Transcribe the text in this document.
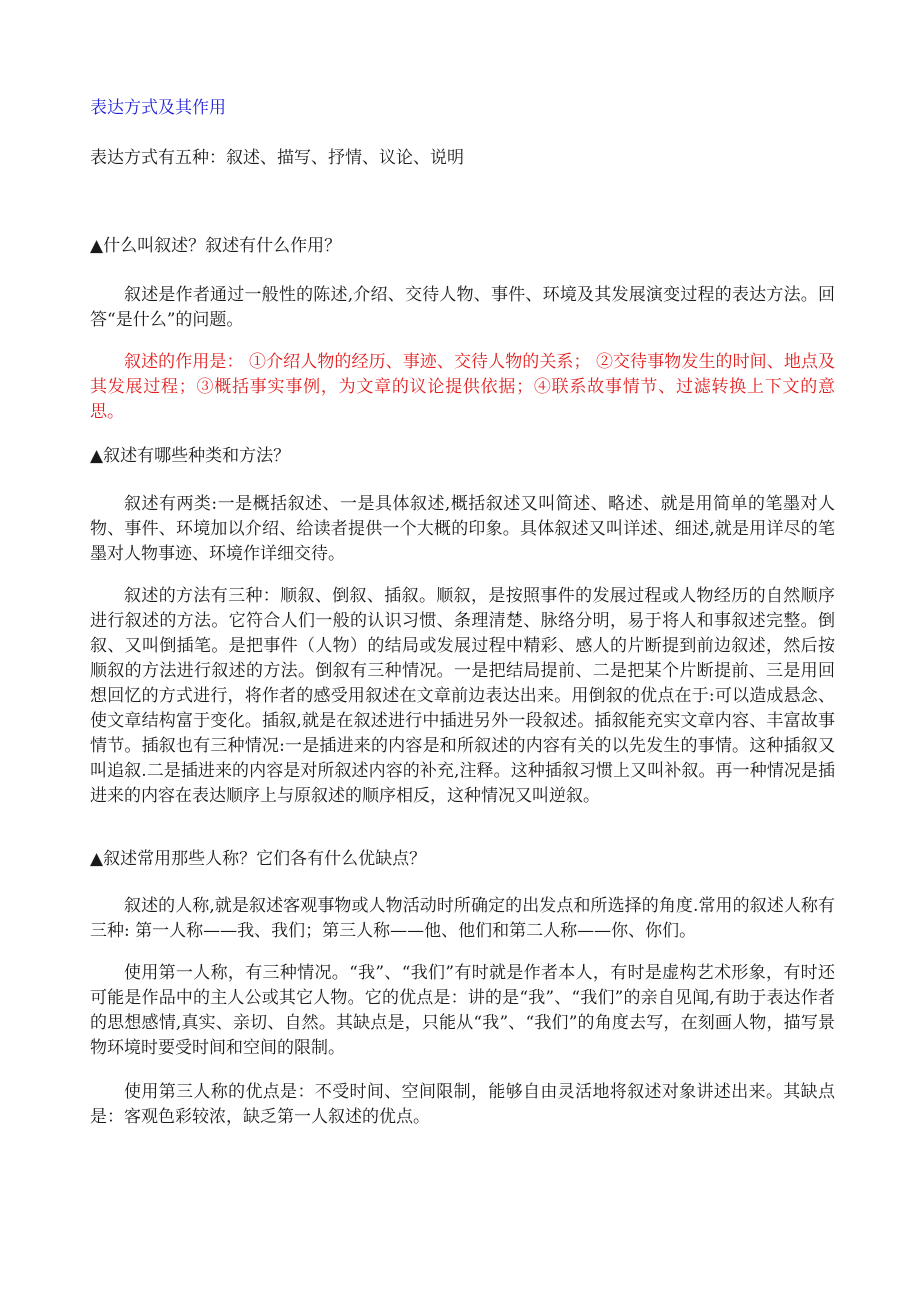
表达方式及其作用

表达方式有五种：叙述、描写、抒情、议论、说明

▲什么叫叙述？叙述有什么作用？

叙述是作者通过一般性的陈述,介绍、交待人物、事件、环境及其发展演变过程的表达方法。回答“是什么”的问题。

叙述的作用是： ①介绍人物的经历、事迹、交待人物的关系； ②交待事物发生的时间、地点及其发展过程；③概括事实事例，为文章的议论提供依据；④联系故事情节、过滤转换上下文的意思。

▲叙述有哪些种类和方法？

叙述有两类:一是概括叙述、一是具体叙述,概括叙述又叫简述、略述、就是用简单的笔墨对人物、事件、环境加以介绍、给读者提供一个大概的印象。具体叙述又叫详述、细述,就是用详尽的笔墨对人物事迹、环境作详细交待。

叙述的方法有三种：顺叙、倒叙、插叙。顺叙，是按照事件的发展过程或人物经历的自然顺序进行叙述的方法。它符合人们一般的认识习惯、条理清楚、脉络分明，易于将人和事叙述完整。倒叙、又叫倒插笔。是把事件（人物）的结局或发展过程中精彩、感人的片断提到前边叙述，然后按顺叙的方法进行叙述的方法。倒叙有三种情况。一是把结局提前、二是把某个片断提前、三是用回想回忆的方式进行，将作者的感受用叙述在文章前边表达出来。用倒叙的优点在于:可以造成悬念、使文章结构富于变化。插叙,就是在叙述进行中插进另外一段叙述。插叙能充实文章内容、丰富故事情节。插叙也有三种情况:一是插进来的内容是和所叙述的内容有关的以先发生的事情。这种插叙又叫追叙.二是插进来的内容是对所叙述内容的补充,注释。这种插叙习惯上又叫补叙。再一种情况是插进来的内容在表达顺序上与原叙述的顺序相反，这种情况又叫逆叙。

▲叙述常用那些人称？它们各有什么优缺点？

叙述的人称,就是叙述客观事物或人物活动时所确定的出发点和所选择的角度.常用的叙述人称有三种: 第一人称——我、我们；第三人称——他、他们和第二人称——你、你们。

使用第一人称，有三种情况。“我”、“我们”有时就是作者本人，有时是虚构艺术形象，有时还可能是作品中的主人公或其它人物。它的优点是：讲的是“我”、“我们”的亲自见闻,有助于表达作者的思想感情,真实、亲切、自然。其缺点是，只能从“我”、“我们”的角度去写，在刻画人物，描写景物环境时要受时间和空间的限制。

使用第三人称的优点是：不受时间、空间限制，能够自由灵活地将叙述对象讲述出来。其缺点是：客观色彩较浓，缺乏第一人叙述的优点。
